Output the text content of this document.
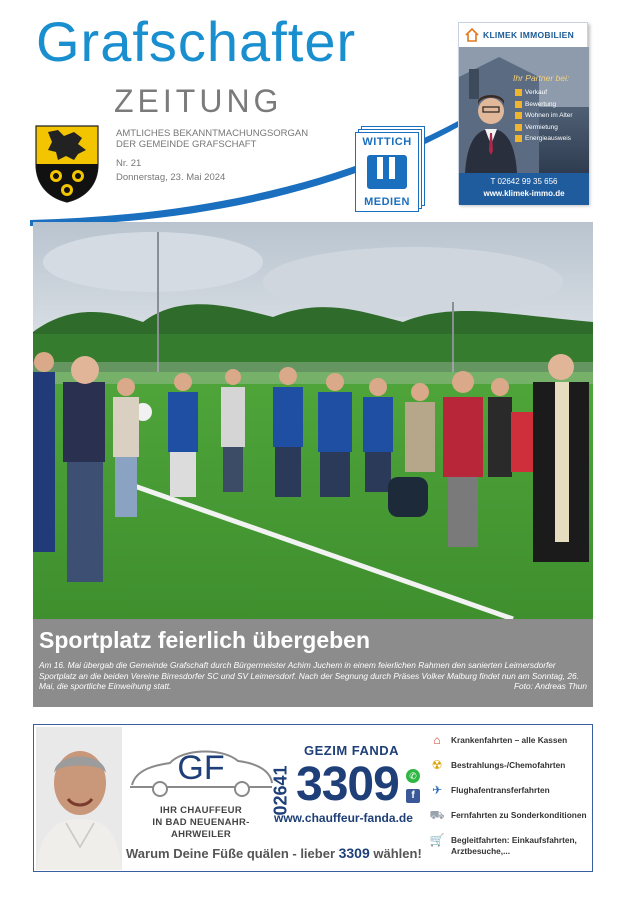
Grafschafter
ZEITUNG
AMTLICHES BEKANNTMACHUNGSORGAN
DER GEMEINDE GRAFSCHAFT
Nr. 21
Donnerstag, 23. Mai 2024
WITTICH
MEDIEN
KLIMEK IMMOBILIEN
Ihr Partner bei:
Verkauf
Bewertung
Wohnen im Alter
Vermietung
Energieausweis
T 02642 99 35 656
www.klimek-immo.de
Sportplatz feierlich übergeben
Am 16. Mai übergab die Gemeinde Grafschaft durch Bürgermeister Achim Juchem in einem feierlichen Rahmen den sanierten Leimersdorfer Sportplatz an die beiden Vereine Birresdorfer SC und SV Leimersdorf. Nach der Segnung durch Präses Volker Malburg findet nun am Sonntag, 26. Mai, die sportliche Einweihung statt.	Foto: Andreas Thun
GF
IHR CHAUFFEUR
IN BAD NEUENAHR-AHRWEILER
GEZIM FANDA
02641 3309	✆
f
www.chauffeur-fanda.de
Warum Deine Füße quälen - lieber 3309 wählen!
⌂	Krankenfahrten – alle Kassen
☢	Bestrahlungs-/Chemofahrten
✈	Flughafentransferfahrten
⛟ Fernfahrten zu Sonderkonditionen
🛒 Begleitfahrten: Einkaufsfahrten, Arztbesuche,...
